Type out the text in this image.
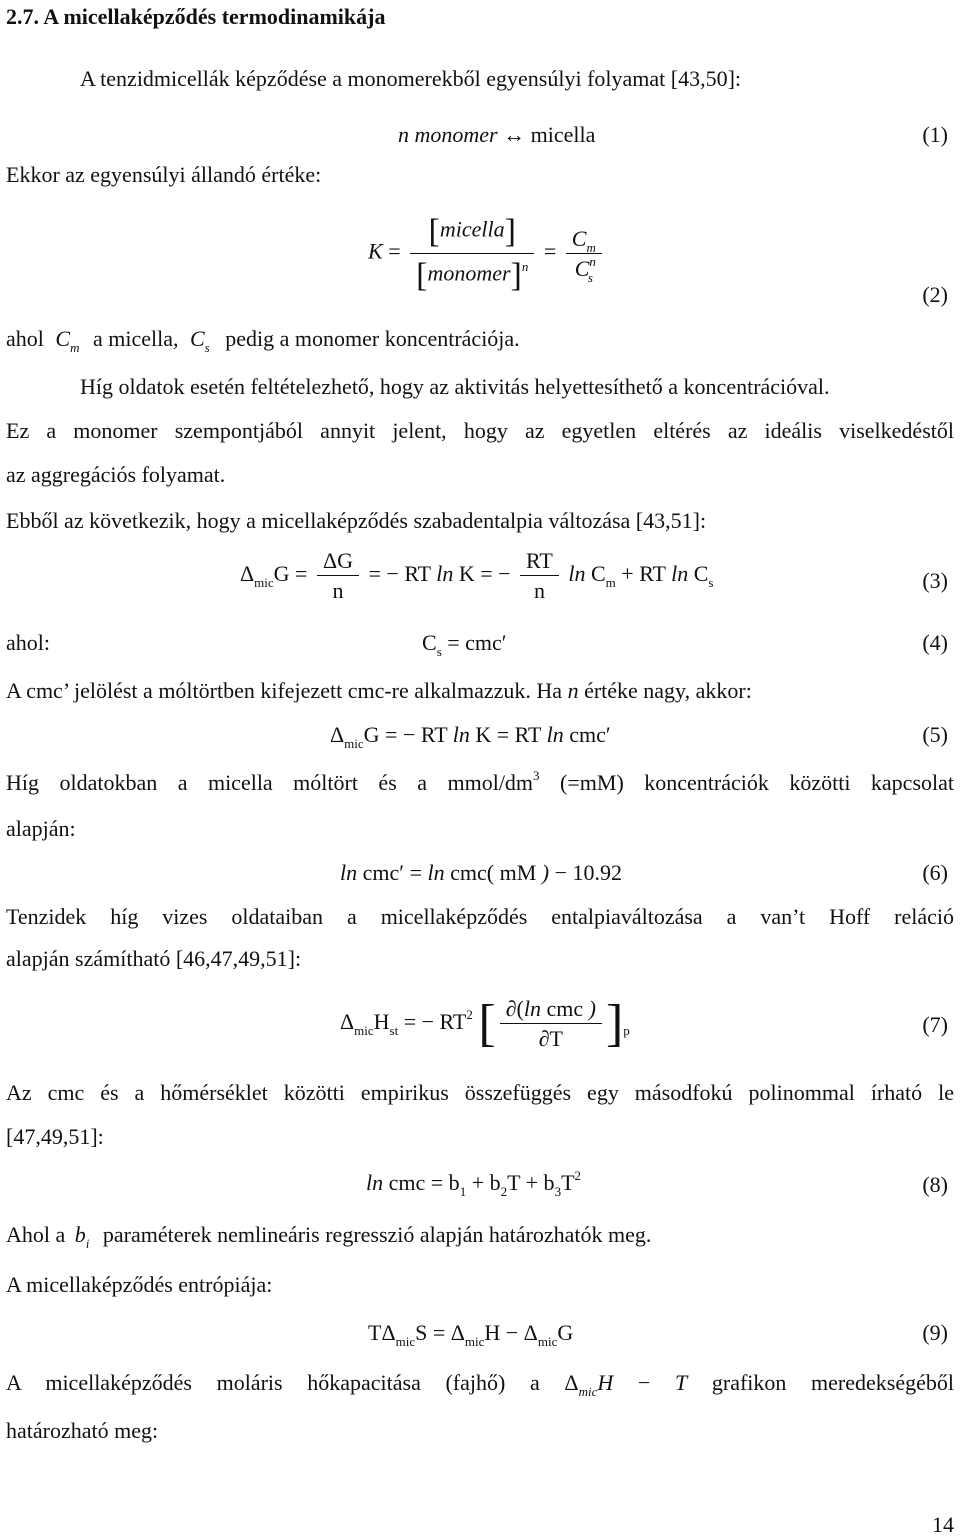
2.7. A micellaképződés termodinamikája
A tenzidmicellák képződése a monomerekből egyensúlyi folyamat [43,50]:
n monomer ↔ micella	(1)
Ekkor az egyensúlyi állandó értéke:
$K = \frac{\text{[micella]}}{[monomer]^n} = \frac{C_m}{C^n_s}$
(2)
ahol $C_m$ a micella, $C_s$ pedig a monomer koncentrációja.
Híg oldatok esetén feltételezhető, hogy az aktivitás helyettesíthető a koncentrációval.
Ez a monomer szempontjából annyit jelent, hogy az egyetlen eltérés az ideális viselkedéstől
az aggregációs folyamat.
Ebből az következik, hogy a micellaképződés szabadentalpia változása [43,51]:
$\Delta_{mic}G = \frac{\Delta G}{n}$ = − RT ln K = − $\frac{RT}{n}$ $\ln C_m$ + RT $\ln C_s$	(3)
ahol:	$C_s = cmc'$	(4)
A cmc’ jelölést a móltörtben kifejezett cmc-re alkalmazzuk. Ha n értéke nagy, akkor:
$\Delta_{mic}G$ = − RT ln K = RT ln cmc′	(5)
Híg oldatokban a micella móltört és a mmol/$dm^3$ (=mM) koncentrációk közötti kapcsolat
alapján:
ln cmc′ = ln cmc( mM ) − 10.92	(6)
Tenzidek híg vizes oldataiban a micellaképződés entalpiaváltozása a van’t Hoff reláció
alapján számítható [46,47,49,51]:
$\Delta_{mic}H_{st}$ = − $RT^2$ [ $\frac{\text{∂(ln cmc )}}{\partial T} ]_p$	(7)
Az cmc és a hőmérséklet közötti empirikus összefüggés egy másodfokú polinommal írható le
[47,49,51]:
ln cmc = $b_1 + b_2T + b_3T^2$	(8)
Ahol a $b_i$ paraméterek nemlineáris regresszió alapján határozhatók meg.
A micellaképződés entrópiája:
$T\Delta_{mic}S = \Delta_{mic}H - \Delta_{mic}G$	(9)
A micellaképződés moláris hőkapacitása (fajhő) a $\Delta_{mic}H - T$ grafikon meredekségéből
határozható meg:
14
